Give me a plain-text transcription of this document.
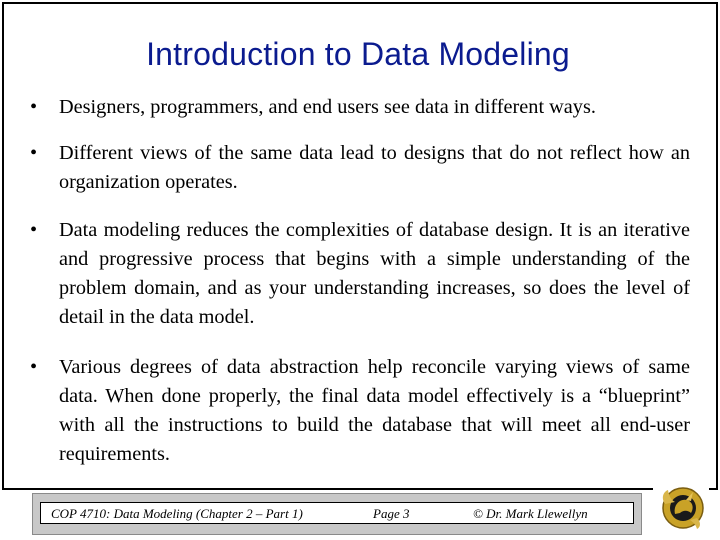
Introduction to Data Modeling
• Designers, programmers, and end users see data in different ways.
• Different views of the same data lead to designs that do not reflect how an organization operates.
• Data modeling reduces the complexities of database design. It is an iterative and progressive process that begins with a simple understanding of the problem domain, and as your understanding increases, so does the level of detail in the data model.
• Various degrees of data abstraction help reconcile varying views of same data. When done properly, the final data model effectively is a “blueprint” with all the instructions to build the database that will meet all end-user requirements.
COP 4710: Data Modeling (Chapter 2 – Part 1)	Page 3	© Dr. Mark Llewellyn
